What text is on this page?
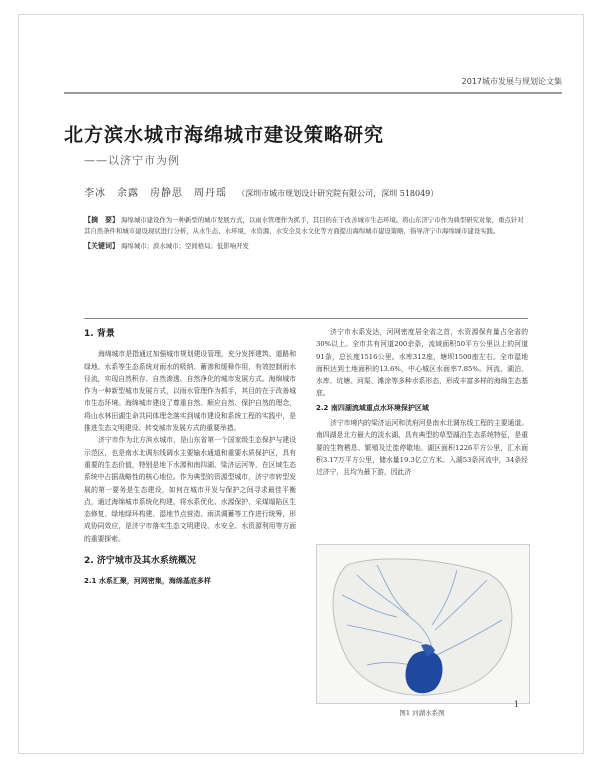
2017城市发展与规划论文集
北方滨水城市海绵城市建设策略研究
——以济宁市为例
李冰　余露　房静思　周丹瑶 （深圳市城市规划设计研究院有限公司，深圳 518049）
【摘　要】 海绵城市建设作为一种新型的城市发展方式，以雨水管理作为抓手，其目的在于改善城市生态环境。将山东济宁市作为典型研究对象，重点针对其自然条件和城市建设现状进行分析，从水生态、水环境、水资源、水安全及水文化等方面提出海绵城市建设策略，指导济宁市海绵城市建设实践。
【关键词】 海绵城市；滨水城市；空间格局；低影响开发
1. 背景

海绵城市是指通过加强城市规划建设管理，充分发挥建筑、道路和绿地、水系等生态系统对雨水的吸纳、蓄渗和缓释作用，有效控制雨水径流，实现自然积存、自然渗透、自然净化的城市发展方式。海绵城市作为一种新型城市发展方式，以雨水管理作为抓手，其目的在于改善城市生态环境。海绵城市建设了尊重自然、顺应自然、保护自然的理念，将山水林田湖生命共同体理念落实到城市建设和系统工程的实践中，是推进生态文明建设、转变城市发展方式的重要举措。

济宁市作为北方滨水城市，是山东省第一个国家级生态保护与建设示范区，也是南水北调东线调水主要输水通道和重要水质保护区，具有重要的生态价值，特别是地下水源和南四湖、梁济运河等，在区域生态系统中占据战略性的核心地位。作为典型的资源型城市，济宁市转型发展的第一要务是生态建设，如何在城市开发与保护之间寻求最佳平衡点，通过海绵城市系统化构建，将水系优化、水源保护、采煤塌陷区生态修复、绿地绿环构建、湿地节点营造、雨洪调蓄等工作进行统筹，形成协同效应，是济宁市落实生态文明建设、水安全、水资源利用等方面的重要探索。

2. 济宁城市及其水系统概况
2.1 水系汇聚，河网密集，海绵基底多样

济宁市水系发达，河网密度居全省之首，水资源保有量占全省的30%以上。全市共有河道200余条，流域面积50平方公里以上的河道91条，总长度1516公里。水库312座，塘坝1500座左右。全市湿地面积达到土地面积的13.6%，中心城区水面率7.85%。河流、湖泊、水库、坑塘、河渠、滩涂等多种水系形态，形成丰富多样的海绵生态基底。

2.2 南四湖流域重点水环境保护区域

济宁市境内的梁济运河和洸府河是南水北调东线工程的主要通道。南四湖是北方最大的淡水湖，具有典型的草型湖泊生态系统特征，是重要的生物栖息、繁殖及迁徙停歇地。湖区面积1226平方公里，汇水面积3.17万平方公里，储水量19.3亿立方米。入湖53条河流中，34条经过济宁，且均为最下游，因此济

图1 河湖水系图
1
